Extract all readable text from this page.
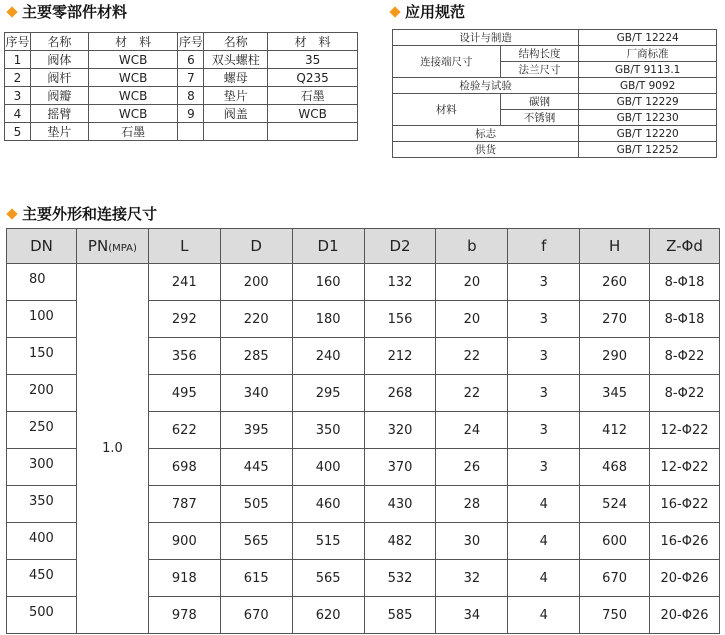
主要零部件材料
序号	名称	材　料	序号	名称	材　料
1	阀体	WCB	6	双头螺柱	35
2	阀杆	WCB	7	螺母	Q235
3	阀瓣	WCB	8	垫片	石墨
4	摇臂	WCB	9	阀盖	WCB
5	垫片	石墨			
应用规范
设计与制造		GB/T 12224
连接端尺寸	结构长度	厂商标准
	法兰尺寸	GB/T 9113.1
检验与试验		GB/T 9092
材料	碳钢	GB/T 12229
	不锈钢	GB/T 12230
标志		GB/T 12220
供货		GB/T 12252
主要外形和连接尺寸
DN	PN(MPA)	L	D	D1	D2	b	f	H	Z-Φd
80	1.0	241	200	160	132	20	3	260	8-Φ18
100		292	220	180	156	20	3	270	8-Φ18
150		356	285	240	212	22	3	290	8-Φ22
200		495	340	295	268	22	3	345	8-Φ22
250		622	395	350	320	24	3	412	12-Φ22
300		698	445	400	370	26	3	468	12-Φ22
350		787	505	460	430	28	4	524	16-Φ22
400		900	565	515	482	30	4	600	16-Φ26
450		918	615	565	532	32	4	670	20-Φ26
500		978	670	620	585	34	4	750	20-Φ26
